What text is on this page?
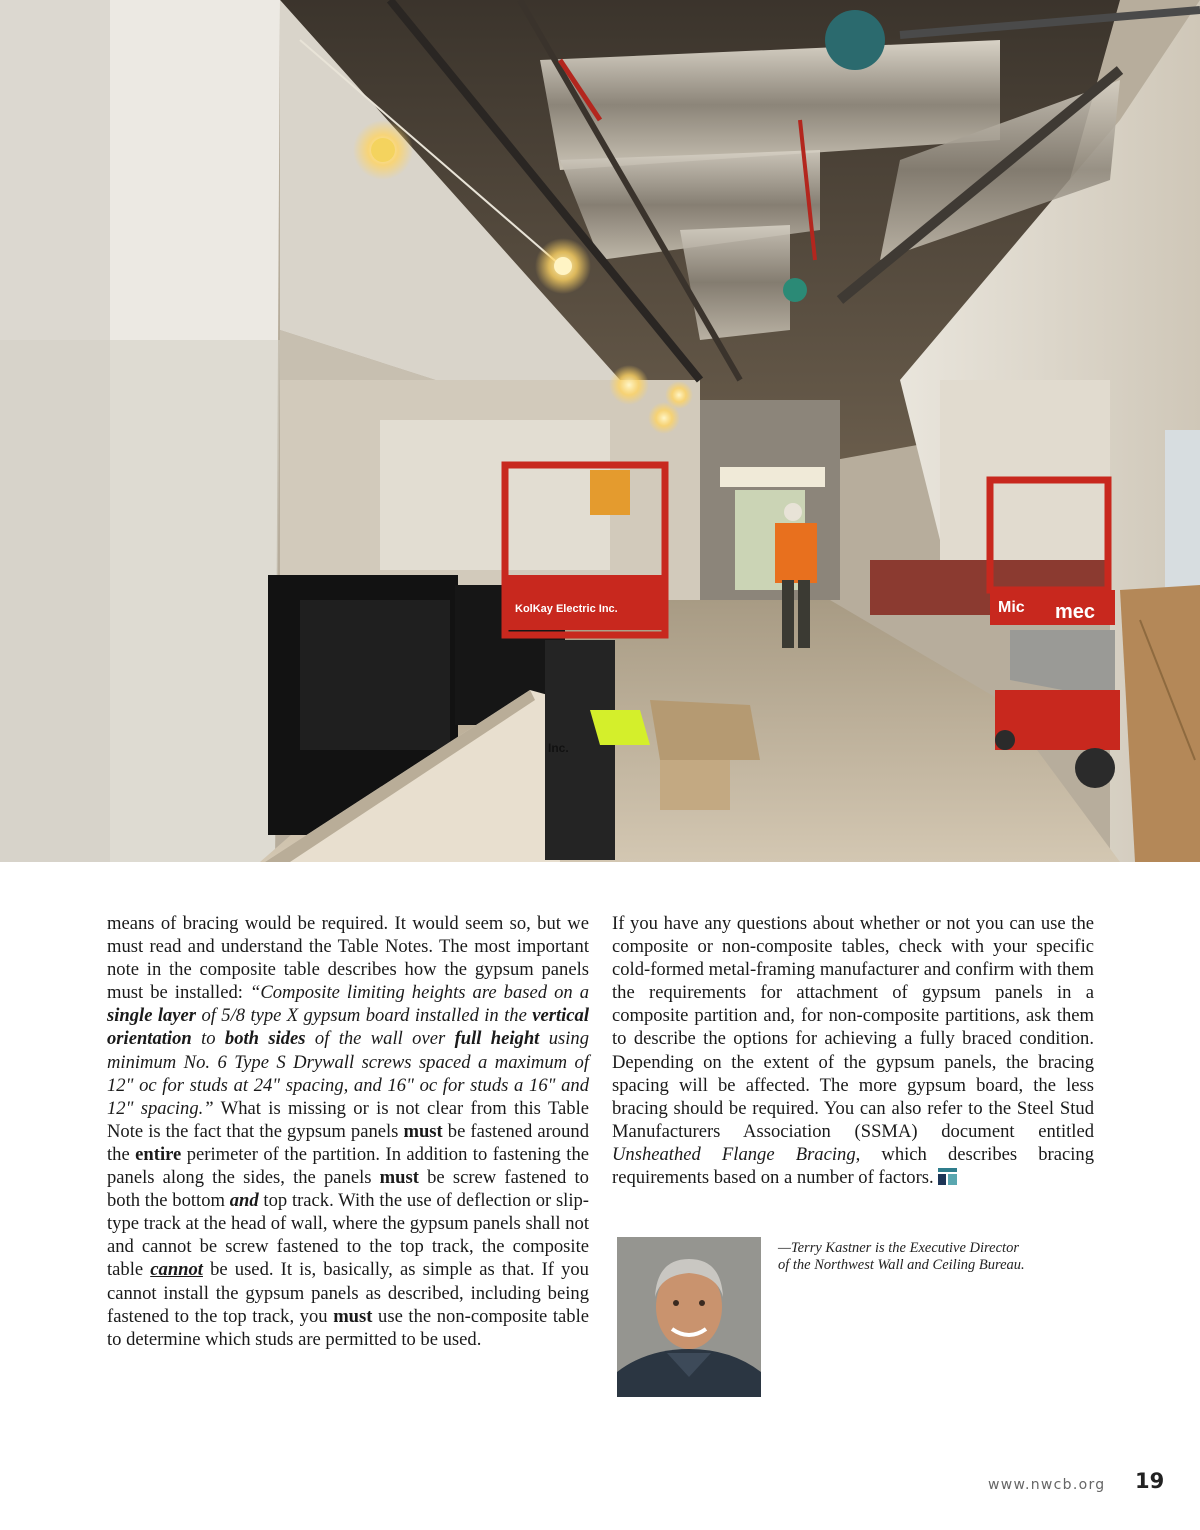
KolKay Electric Inc.
Inc.
Mic mec

means of bracing would be required. It would seem so, but we must read and understand the Table Notes. The most important note in the composite table describes how the gypsum panels must be installed: “Composite limiting heights are based on a single layer of 5/8 type X gypsum board installed in the vertical orientation to both sides of the wall over full height using minimum No. 6 Type S Drywall screws spaced a maximum of 12" oc for studs at 24" spacing, and 16" oc for studs a 16" and 12" spacing.” What is missing or is not clear from this Table Note is the fact that the gypsum panels must be fastened around the entire perimeter of the partition. In addition to fastening the panels along the sides, the panels must be screw fastened to both the bottom and top track. With the use of deflection or slip-type track at the head of wall, where the gypsum panels shall not and cannot be screw fastened to the top track, the composite table cannot be used. It is, basically, as simple as that. If you cannot install the gypsum panels as described, including being fastened to the top track, you must use the non-composite table to determine which studs are permitted to be used.

If you have any questions about whether or not you can use the composite or non-composite tables, check with your specific cold-formed metal-framing manufacturer and confirm with them the requirements for attachment of gypsum panels in a composite partition and, for non-composite partitions, ask them to describe the options for achieving a fully braced condition. Depending on the extent of the gypsum panels, the bracing spacing will be affected. The more gypsum board, the less bracing should be required. You can also refer to the Steel Stud Manufacturers Association (SSMA) document entitled Unsheathed Flange Bracing, which describes bracing requirements based on a number of factors.

—Terry Kastner is the Executive Director
of the Northwest Wall and Ceiling Bureau.
www.nwcb.org 19
